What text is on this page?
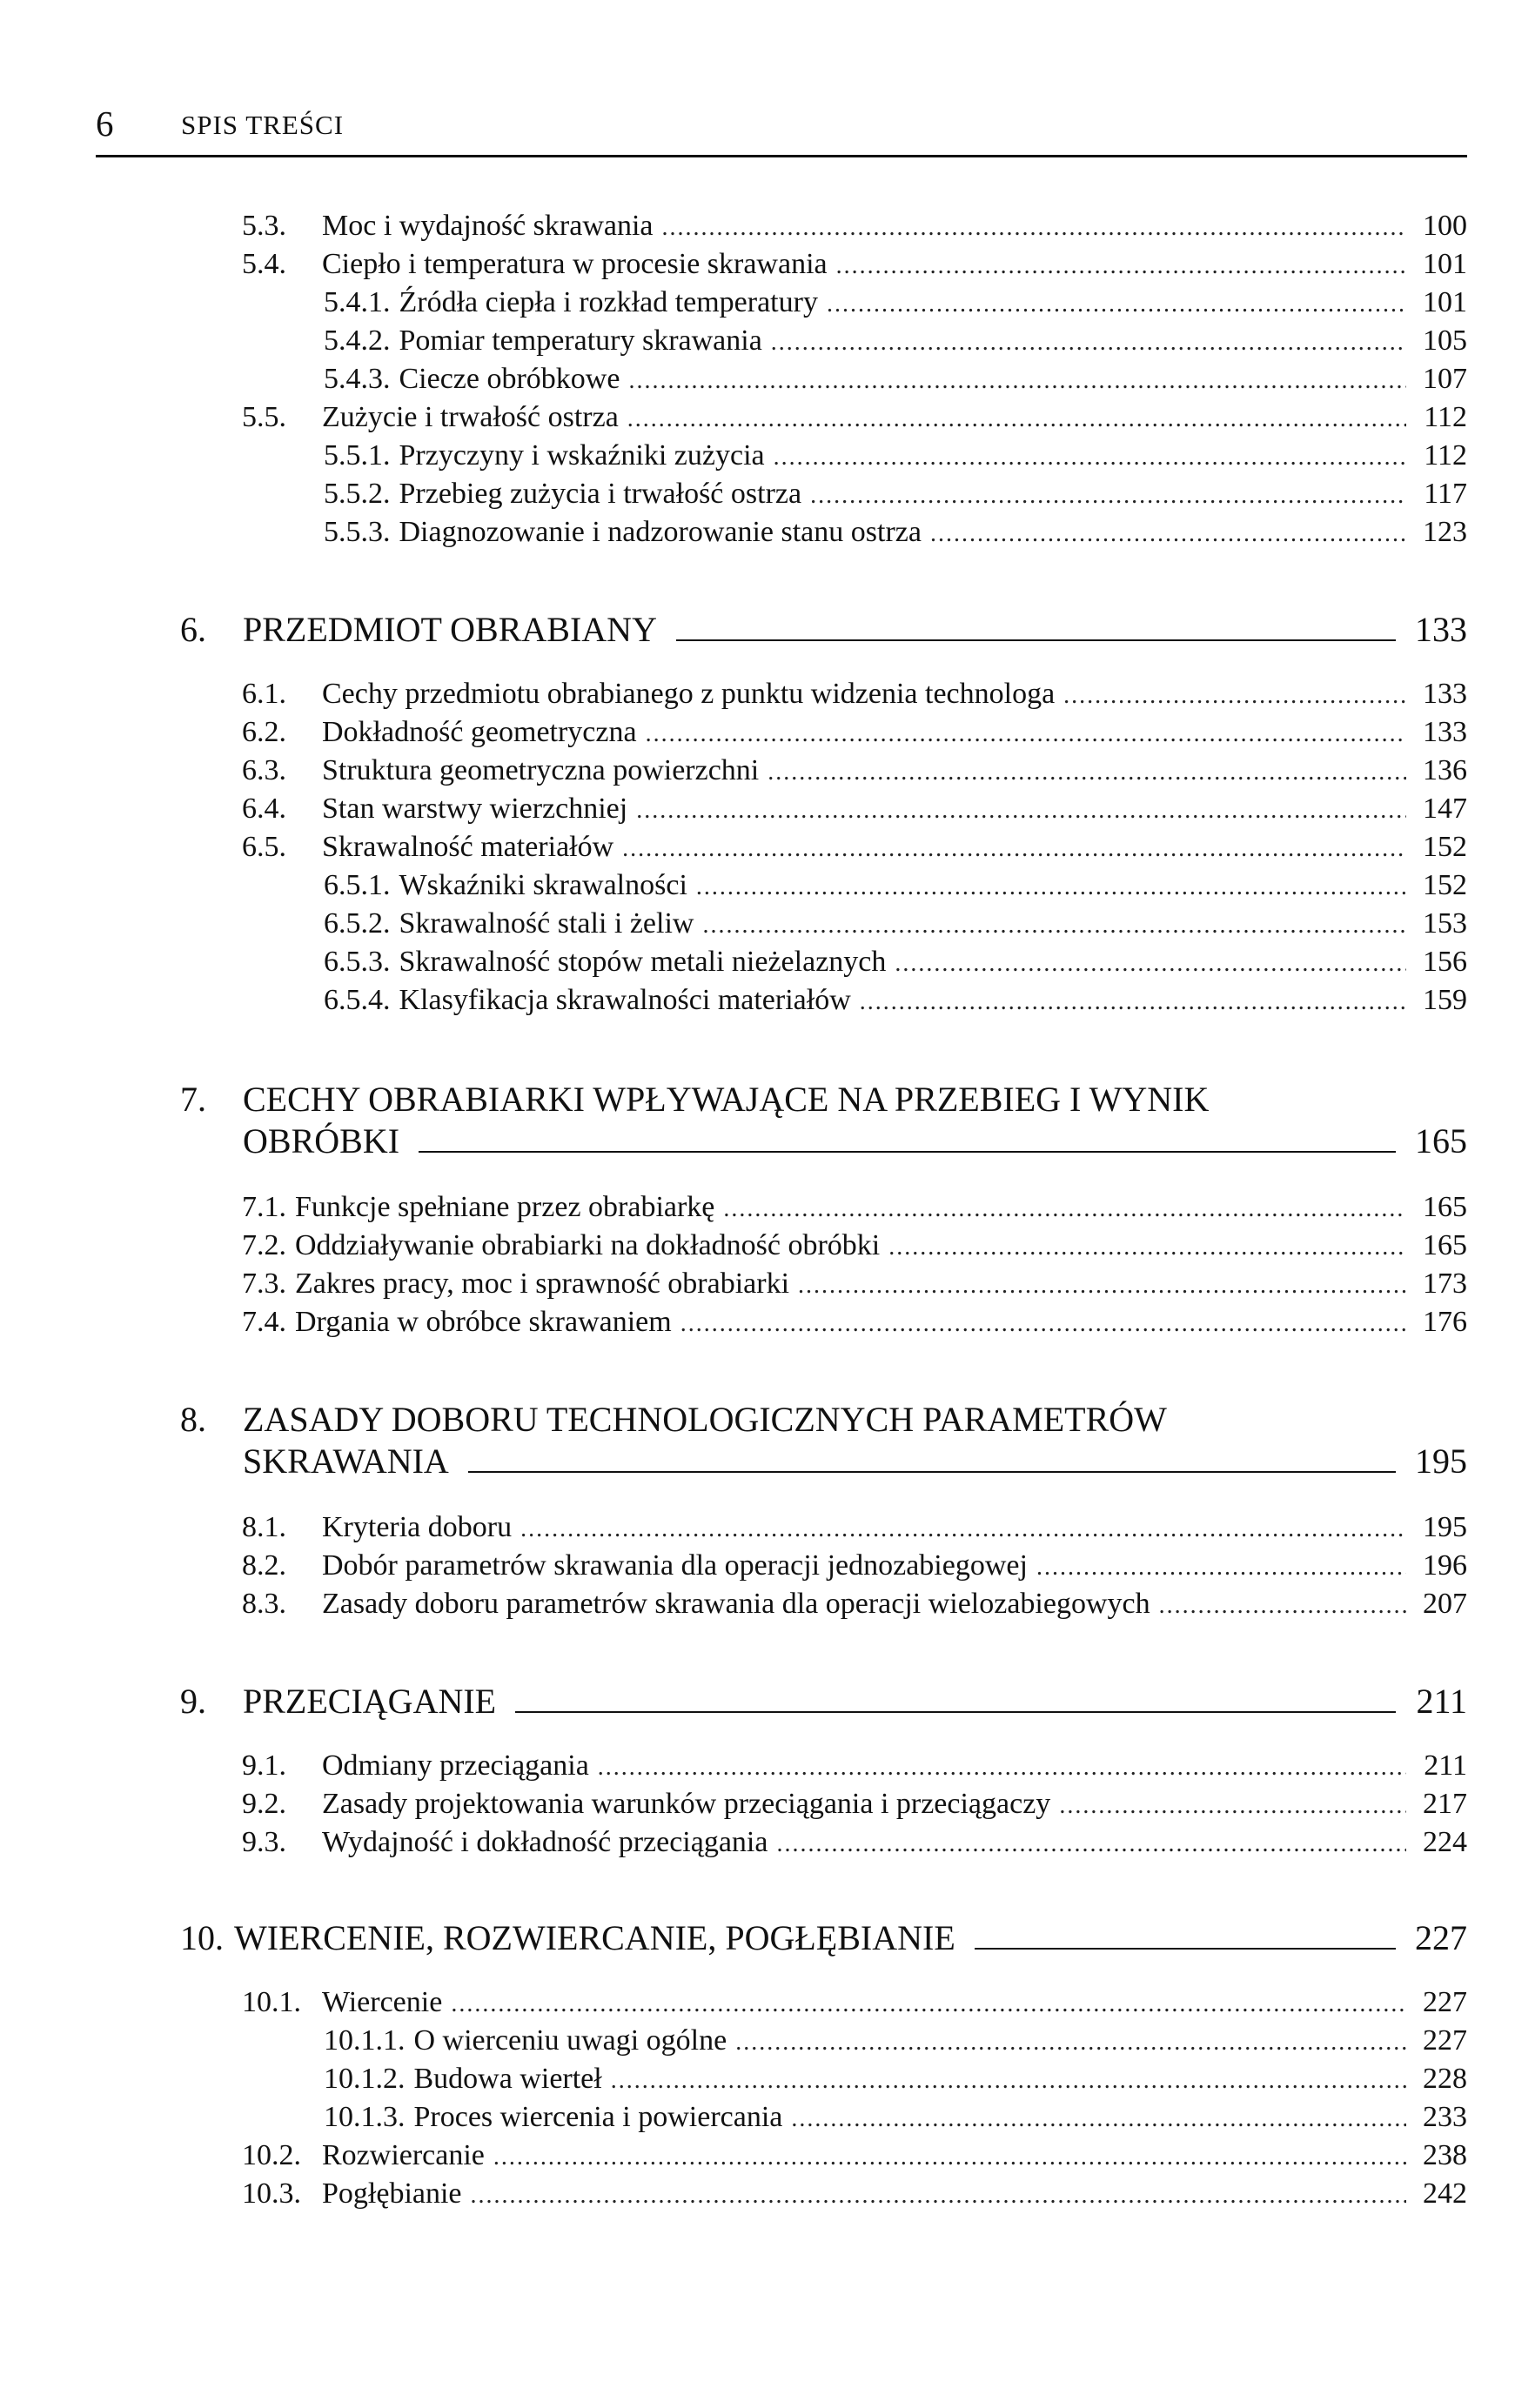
6	SPIS TREŚCI
5.3.	Moc i wydajność skrawania .....	100
5.4.	Ciepło i temperatura w procesie skrawania .....	101
5.4.1. Źródła ciepła i rozkład temperatury .....	101
5.4.2. Pomiar temperatury skrawania .....	105
5.4.3. Ciecze obróbkowe .....	107
5.5.	Zużycie i trwałość ostrza .....	112
5.5.1. Przyczyny i wskaźniki zużycia .....	112
5.5.2. Przebieg zużycia i trwałość ostrza .....	117
5.5.3. Diagnozowanie i nadzorowanie stanu ostrza .....	123
6.	PRZEDMIOT OBRABIANY	133
6.1.	Cechy przedmiotu obrabianego z punktu widzenia technologa .....	133
6.2.	Dokładność geometryczna .....	133
6.3.	Struktura geometryczna powierzchni .....	136
6.4.	Stan warstwy wierzchniej .....	147
6.5.	Skrawalność materiałów .....	152
6.5.1. Wskaźniki skrawalności .....	152
6.5.2. Skrawalność stali i żeliw .....	153
6.5.3. Skrawalność stopów metali nieżelaznych .....	156
6.5.4. Klasyfikacja skrawalności materiałów .....	159
7.	CECHY OBRABIARKI WPŁYWAJĄCE NA PRZEBIEG I WYNIK
OBRÓBKI	165
7.1. Funkcje spełniane przez obrabiarkę .....	165
7.2. Oddziaływanie obrabiarki na dokładność obróbki .....	165
7.3. Zakres pracy, moc i sprawność obrabiarki .....	173
7.4. Drgania w obróbce skrawaniem .....	176
8.	ZASADY DOBORU TECHNOLOGICZNYCH PARAMETRÓW
SKRAWANIA	195
8.1.	Kryteria doboru .....	195
8.2.	Dobór parametrów skrawania dla operacji jednozabiegowej .....	196
8.3.	Zasady doboru parametrów skrawania dla operacji wielozabiegowych .....	207
9.	PRZECIĄGANIE	211
9.1.	Odmiany przeciągania .....	211
9.2.	Zasady projektowania warunków przeciągania i przeciągaczy .....	217
9.3.	Wydajność i dokładność przeciągania .....	224
10. WIERCENIE, ROZWIERCANIE, POGŁĘBIANIE	227
10.1. Wiercenie .....	227
10.1.1. O wierceniu uwagi ogólne .....	227
10.1.2. Budowa wierteł .....	228
10.1.3. Proces wiercenia i powiercania .....	233
10.2. Rozwiercanie .....	238
10.3. Pogłębianie .....	242
